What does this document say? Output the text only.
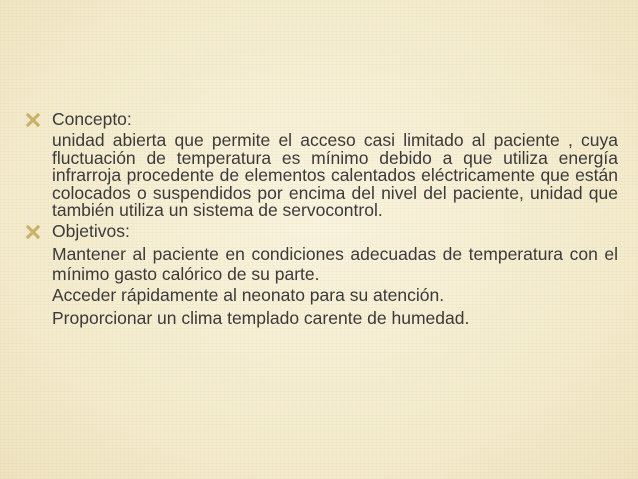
Concepto:

unidad abierta que permite el acceso casi limitado al paciente , cuya fluctuación de temperatura es mínimo debido a que utiliza energía infrarroja procedente de elementos calentados eléctricamente que están colocados o suspendidos por encima del nivel del paciente, unidad que también utiliza un sistema de servocontrol.

Objetivos:

Mantener al paciente en condiciones adecuadas de temperatura con el mínimo gasto calórico de su parte.

Acceder rápidamente al neonato para su atención.

Proporcionar un clima templado carente de humedad.
